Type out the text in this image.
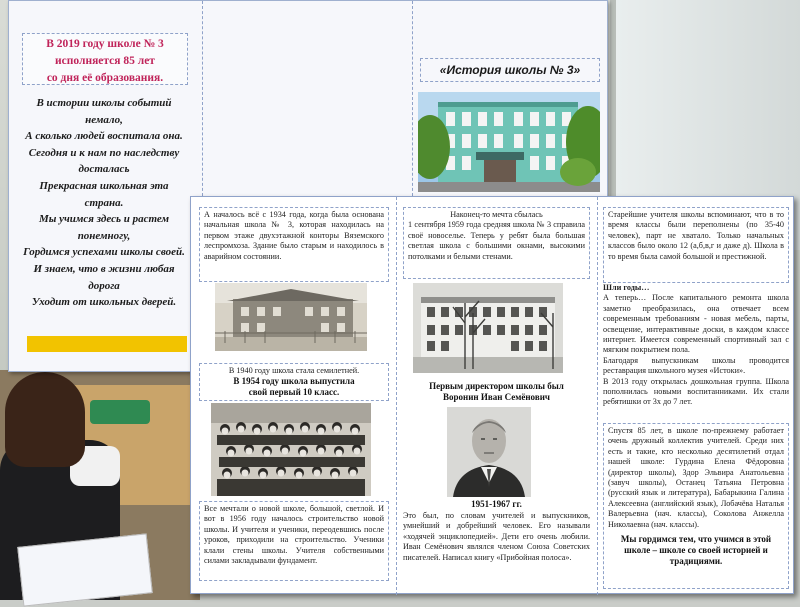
В 2019 году школе № 3
исполняется 85 лет
со дня её образования.
В истории школы событий
немало,
А сколько людей воспитала она.
Сегодня и к нам по наследству
досталась
Прекрасная школьная эта
страна.
Мы учимся здесь и растем
понемногу,
Гордимся успехами школы своей.
И знаем, что в жизни любая
дорога
Уходит от школьных дверей.
«История школы № 3»
А началось всё с 1934 года, когда была основана начальная школа № 3, которая находилась на первом этаже двухэтажной конторы Вяземского леспромхоза. Здание было старым и находилось в аварийном состоянии.
В 1940 году школа стала семилетней.
В 1954 году школа выпустила
свой первый 10 класс.
Все мечтали о новой школе, большой, светлой. И вот в 1956 году началось строительство новой школы. И учителя и ученики, переодевшись после уроков, приходили на строительство. Ученики клали стены школы. Учителя собственными силами закладывали фундамент.
Наконец-то мечта сбылась
1 сентября 1959 года средняя школа № 3 справила своё новоселье. Теперь у ребят была большая светлая школа с большими окнами, высокими потолками и белыми стенами.
Первым директором школы был
Воронин Иван Семёнович
1951-1967 гг.
Это был, по словам учителей и выпускников, умнейший и добрейший человек. Его называли «ходячей энциклопедией». Дети его очень любили. Иван Семёнович являлся членом Союза Советских писателей. Написал книгу «Прибойная полоса».
Старейшие учителя школы вспоминают, что в то время классы были переполнены (по 35-40 человек), парт не хватало. Только начальных классов было около 12 (а,б,в,г и даже д). Школа в то время была самой большой и престижной.
Шли годы…
А теперь… После капитального ремонта школа заметно преобразилась, она отвечает всем современным требованиям - новая мебель, парты, освещение, интерактивные доски, в каждом классе интернет. Имеется современный спортивный зал с мягким покрытием пола.
Благодаря выпускникам школы проводится реставрация школьного музея «Истоки».
В 2013 году открылась дошкольная группа. Школа пополнилась новыми воспитанниками. Их стали ребятишки от 3х до 7 лет.
Спустя 85 лет, в школе по-прежнему работает очень дружный коллектив учителей. Среди них есть и такие, кто несколько десятилетий отдал нашей школе: Гурдина Елена Фёдоровна (директор школы), Здор Эльвира Анатольевна (завуч школы), Останец Татьяна Петровна (русский язык и литература), Бабарыкина Галина Алексеевна (английский язык), Лобачёва Наталья Валерьевна (нач. классы), Соколова Анжелла Николаевна (нач. классы).
Мы гордимся тем, что учимся в этой школе – школе со своей историей и традициями.
